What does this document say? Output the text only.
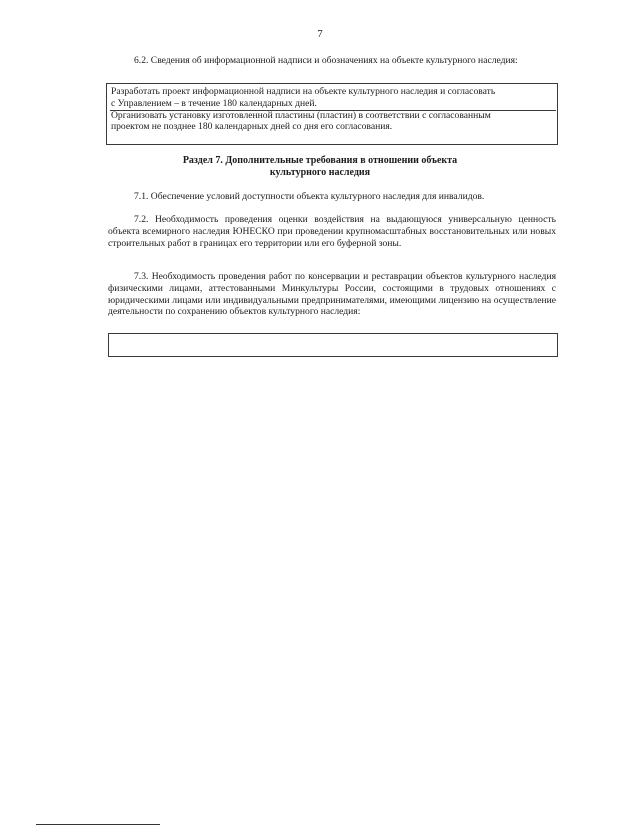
7
6.2. Сведения об информационной надписи и обозначениях на объекте культурного наследия:
Разработать проект информационной надписи на объекте культурного наследия и согласовать
с Управлением – в течение 180 календарных дней.
Организовать установку изготовленной пластины (пластин) в соответствии с согласованным
проектом не позднее 180 календарных дней со дня его согласования.
Раздел 7. Дополнительные требования в отношении объекта
культурного наследия
7.1. Обеспечение условий доступности объекта культурного наследия для инвалидов.
7.2. Необходимость проведения оценки воздействия на выдающуюся универсальную ценность объекта всемирного наследия ЮНЕСКО при проведении крупномасштабных восстановительных или новых строительных работ в границах его территории или его буферной зоны.
7.3. Необходимость проведения работ по консервации и реставрации объектов культурного наследия физическими лицами, аттестованными Минкультуры России, состоящими в трудовых отношениях с юридическими лицами или индивидуальными предпринимателями, имеющими лицензию на осуществление деятельности по сохранению объектов культурного наследия:
